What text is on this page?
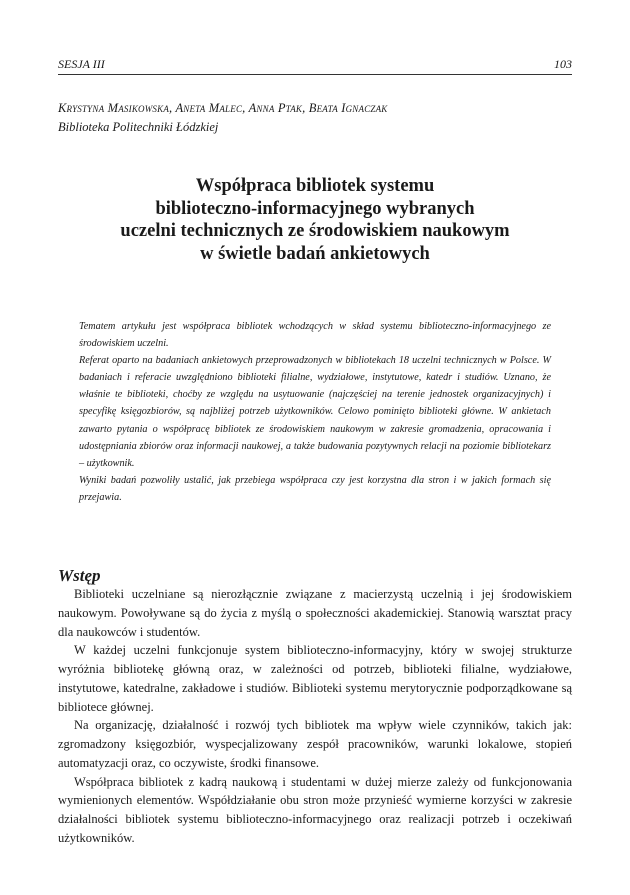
SESJA III	103
Krystyna Masikowska, Aneta Malec, Anna Ptak, Beata Ignaczak
Biblioteka Politechniki Łódzkiej
Współpraca bibliotek systemu
biblioteczno-informacyjnego wybranych
uczelni technicznych ze środowiskiem naukowym
w świetle badań ankietowych

Tematem artykułu jest współpraca bibliotek wchodzących w skład systemu biblioteczno-informacyjnego ze środowiskiem uczelni.

Referat oparto na badaniach ankietowych przeprowadzonych w bibliotekach 18 uczelni technicznych w Polsce. W badaniach i referacie uwzględniono biblioteki filialne, wydziałowe, instytutowe, katedr i studiów. Uznano, że właśnie te biblioteki, choćby ze względu na usytuowanie (najczęściej na terenie jednostek organizacyjnych) i specyfikę księgozbiorów, są najbliżej potrzeb użytkowników. Celowo pominięto biblioteki główne. W ankietach zawarto pytania o współpracę bibliotek ze środowiskiem naukowym w zakresie gromadzenia, opracowania i udostępniania zbiorów oraz informacji naukowej, a także budowania pozytywnych relacji na poziomie bibliotekarz – użytkownik.

Wyniki badań pozwoliły ustalić, jak przebiega współpraca czy jest korzystna dla stron i w jakich formach się przejawia.

Wstęp

Biblioteki uczelniane są nierozłącznie związane z macierzystą uczelnią i jej środowiskiem naukowym. Powoływane są do życia z myślą o społeczności akademickiej. Stanowią warsztat pracy dla naukowców i studentów.

W każdej uczelni funkcjonuje system biblioteczno-informacyjny, który w swojej strukturze wyróżnia bibliotekę główną oraz, w zależności od potrzeb, biblioteki filialne, wydziałowe, instytutowe, katedralne, zakładowe i studiów. Biblioteki systemu merytorycznie podporządkowane są bibliotece głównej.

Na organizację, działalność i rozwój tych bibliotek ma wpływ wiele czynników, takich jak: zgromadzony księgozbiór, wyspecjalizowany zespół pracowników, warunki lokalowe, stopień automatyzacji oraz, co oczywiste, środki finansowe.

Współpraca bibliotek z kadrą naukową i studentami w dużej mierze zależy od funkcjonowania wymienionych elementów. Współdziałanie obu stron może przynieść wymierne korzyści w zakresie działalności bibliotek systemu biblioteczno-informacyjnego oraz realizacji potrzeb i oczekiwań użytkowników.
